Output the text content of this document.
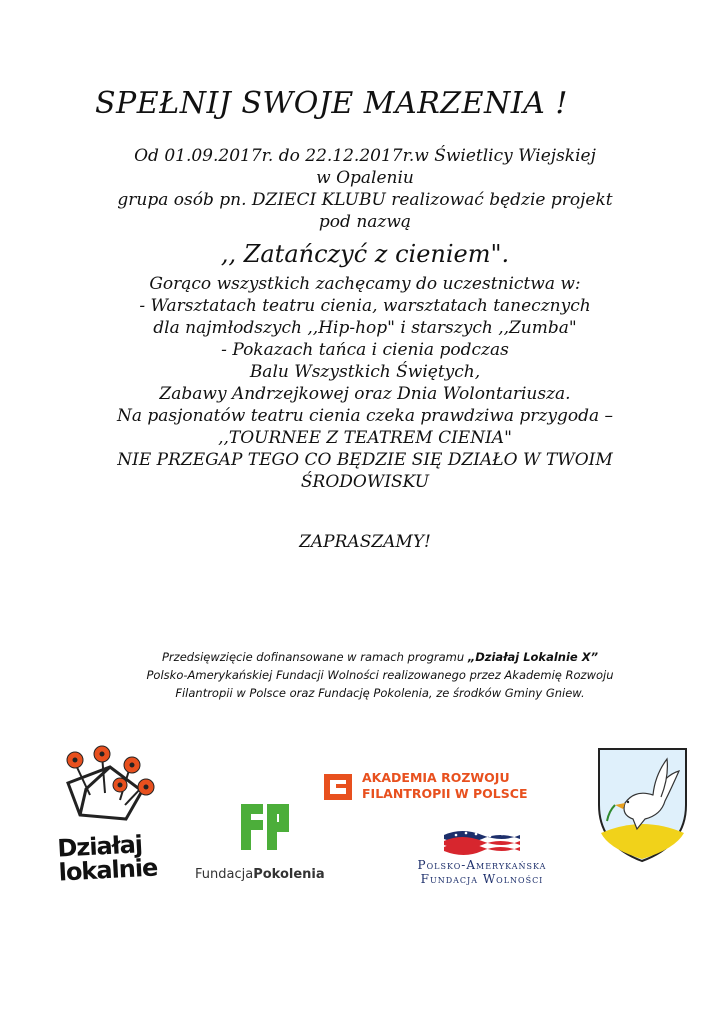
SPEŁNIJ SWOJE MARZENIA !
Od 01.09.2017r. do 22.12.2017r.w Świetlicy Wiejskiej
w Opaleniu
grupa osób pn. DZIECI KLUBU realizować będzie projekt
pod nazwą
,, Zatańczyć z cieniem".
Gorąco wszystkich zachęcamy do uczestnictwa w:
- Warsztatach teatru cienia, warsztatach tanecznych
dla najmłodszych ,,Hip-hop" i starszych ,,Zumba"
- Pokazach tańca i cienia podczas
Balu Wszystkich Świętych,
Zabawy Andrzejkowej oraz Dnia Wolontariusza.
Na pasjonatów teatru cienia czeka prawdziwa przygoda –
,,TOURNEE Z TEATREM CIENIA"
NIE PRZEGAP TEGO CO BĘDZIE SIĘ DZIAŁO W TWOIM
ŚRODOWISKU
ZAPRASZAMY!
Przedsięwzięcie dofinansowane w ramach programu „Działaj Lokalnie X”
Polsko-Amerykańskiej Fundacji Wolności realizowanego przez Akademię Rozwoju
Filantropii w Polsce oraz Fundację Pokolenia, ze środków Gminy Gniew.
Działaj
lokalnie	FundacjaPokolenia
AKADEMIA ROZWOJU
FILANTROPII W POLSCE
Polsko-Amerykańska
Fundacja Wolności
